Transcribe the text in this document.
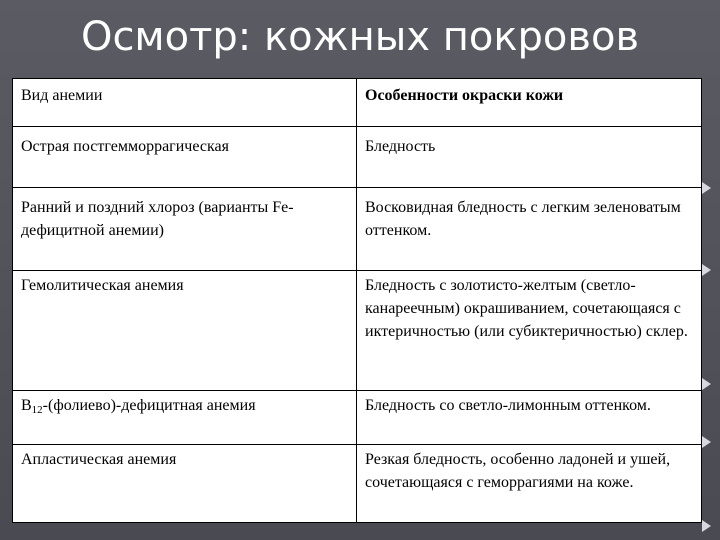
Осмотр: кожных покровов
Вид анемии	Особенности окраски кожи
Острая постгеммoррагическая	Бледность
Ранний и поздний хлороз (варианты Fe-дефицитной анемии)	Восковидная бледность с легким зеленоватым оттенком.
Гемолитическая анемия	Бледность с золотисто-желтым (светло-канареечным) окрашиванием, сочетающаяся с иктеричностью (или субиктеричностью) склер.
$В_{12}-(фолиево)$-дефицитная анемия	Бледность со светло-лимонным оттенком.
Апластическая анемия	Резкая бледность, особенно ладоней и ушей, сочетающаяся с геморрагиями на коже.
